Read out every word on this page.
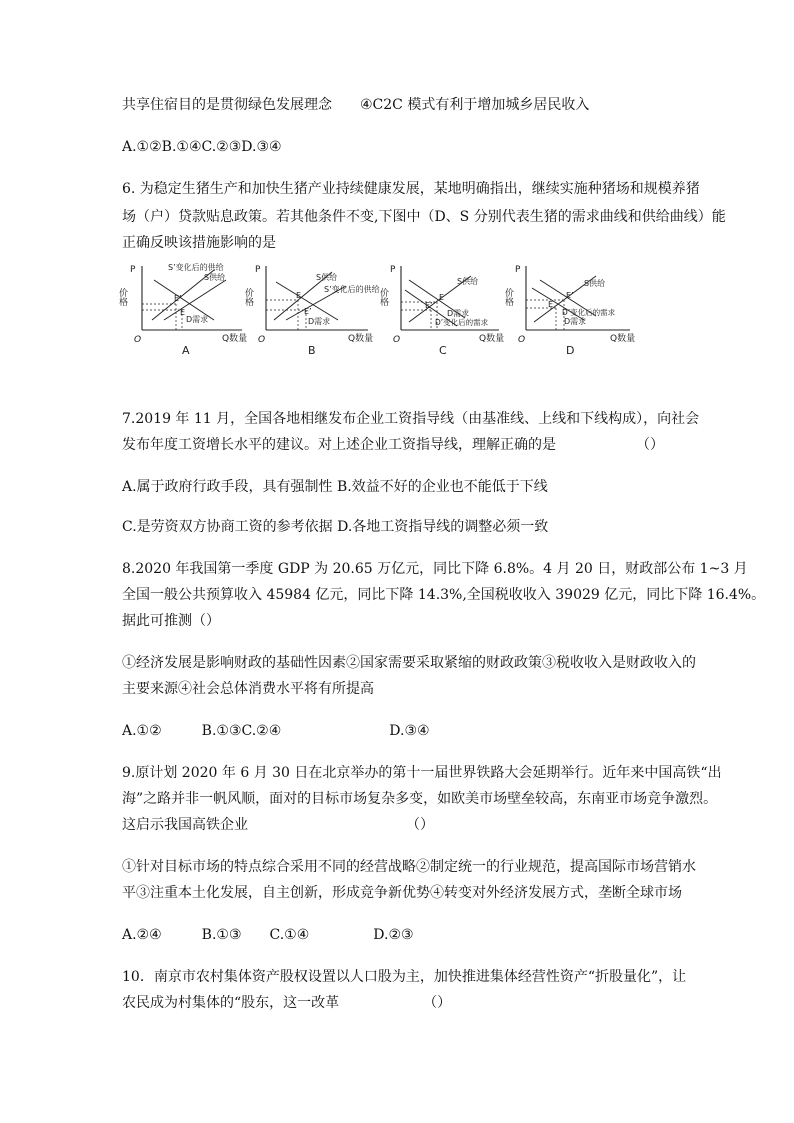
共享住宿目的是贯彻绿色发展理念 ④C2C 模式有利于增加城乡居民收入
A.①②B.①④C.②③D.③④
6. 为稳定生猪生产和加快生猪产业持续健康发展，某地明确指出，继续实施种猪场和规模养猪
场（户）贷款贴息政策。若其他条件不变,下图中（D、S 分别代表生猪的需求曲线和供给曲线）能
正确反映该措施影响的是
P
价格
O	Q数量
S’变化后的供给
S供给
E’
E
D需求
A
P
价格
O	Q数量
S供给
S’变化后的供给
E
E’
D需求
B
P
价格
O	Q数量
S供给
E
E’
D需求
D’变化后的需求
C
P
价格
O	Q数量
S供给
E’
D’变化后的需求
E
D需求
D
7.2019 年 11 月，全国各地相继发布企业工资指导线（由基准线、上线和下线构成），向社会
发布年度工资增长水平的建议。对上述企业工资指导线，理解正确的是	（）
A.属于政府行政手段，具有强制性 B.效益不好的企业也不能低于下线
C.是劳资双方协商工资的参考依据 D.各地工资指导线的调整必须一致
8.2020 年我国第一季度 GDP 为 20.65 万亿元，同比下降 6.8%。4 月 20 日，财政部公布 1~3 月
全国一般公共预算收入 45984 亿元，同比下降 14.3%,全国税收收入 39029 亿元，同比下降 16.4%。
据此可推测（）
①经济发展是影响财政的基础性因素②国家需要采取紧缩的财政政策③税收收入是财政收入的
主要来源④社会总体消费水平将有所提高
A.①②	B.①③C.②④	D.③④
9.原计划 2020 年 6 月 30 日在北京举办的第十一届世界铁路大会延期举行。近年来中国高铁“出
海”之路并非一帆风顺，面对的目标市场复杂多变，如欧美市场壁垒较高，东南亚市场竞争激烈。
这启示我国高铁企业	（）
①针对目标市场的特点综合采用不同的经营战略②制定统一的行业规范，提高国际市场营销水
平③注重本土化发展，自主创新，形成竞争新优势④转变对外经济发展方式，垄断全球市场
A.②④	B.①③ C.①④	D.②③
10．南京市农村集体资产股权设置以人口股为主，加快推进集体经营性资产“折股量化”，让
农民成为村集体的“股东，这一改革	（）
